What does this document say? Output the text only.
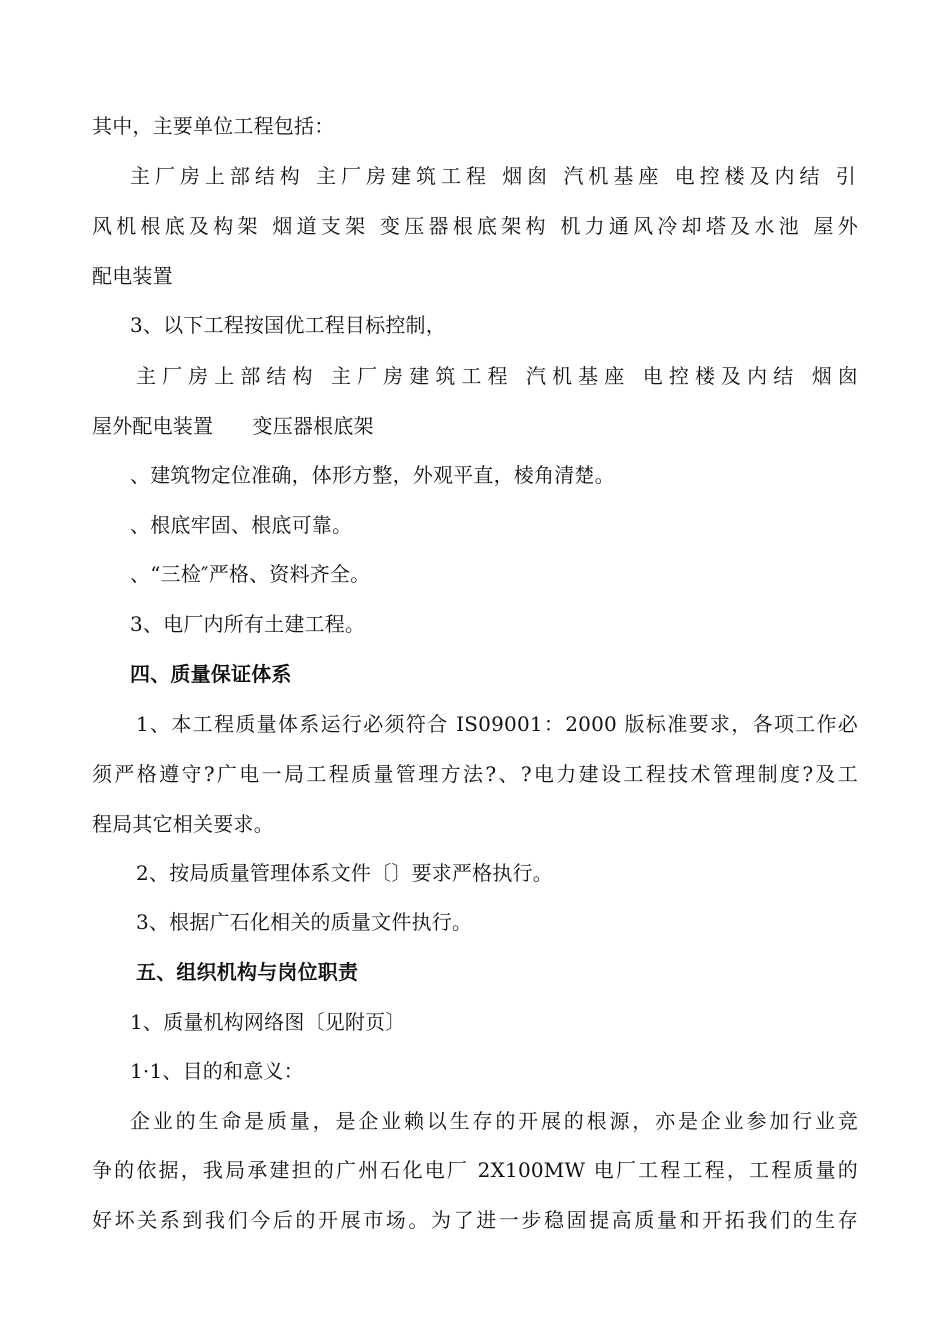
其中，主要单位工程包括：
主厂房上部结构 主厂房建筑工程 烟囱 汽机基座 电控楼及内结 引
风机根底及构架 烟道支架 变压器根底架构 机力通风冷却塔及水池 屋外
配电装置
3、以下工程按国优工程目标控制，
主厂房上部结构 主厂房建筑工程 汽机基座 电控楼及内结 烟囱
屋外配电装置      变压器根底架
、建筑物定位准确，体形方整，外观平直，棱角清楚。
、根底牢固、根底可靠。
、“三检″严格、资料齐全。
3、电厂内所有土建工程。
四、质量保证体系
1、本工程质量体系运行必须符合 IS09001：2000 版标准要求，各项工作必
须严格遵守?广电一局工程质量管理方法?、?电力建设工程技术管理制度?及工
程局其它相关要求。
2、按局质量管理体系文件〔〕要求严格执行。
3、根据广石化相关的质量文件执行。
五、组织机构与岗位职责
1、质量机构网络图〔见附页〕
1·1、目的和意义：
企业的生命是质量，是企业赖以生存的开展的根源，亦是企业参加行业竞
争的依据，我局承建担的广州石化电厂 2X100MW 电厂工程工程，工程质量的
好坏关系到我们今后的开展市场。为了进一步稳固提高质量和开拓我们的生存
